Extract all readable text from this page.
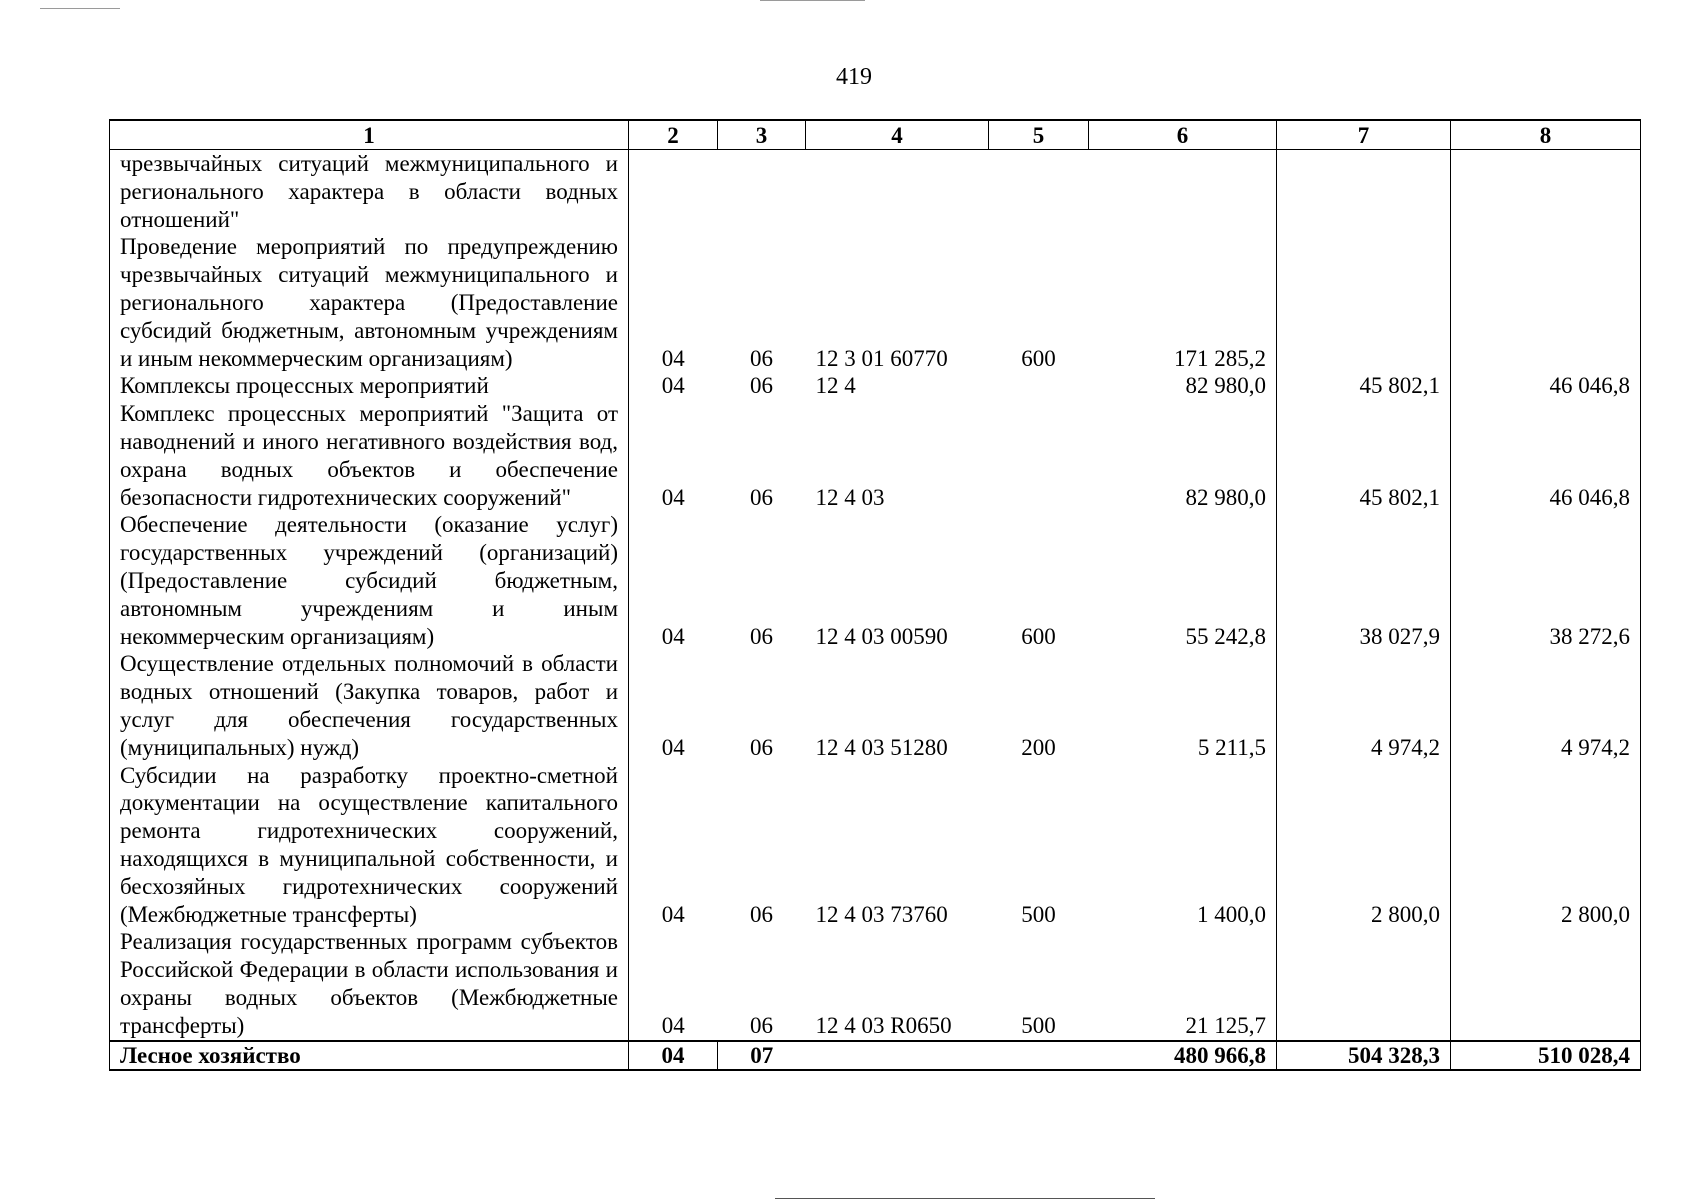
419
1	2	3	4	5	6	7	8
чрезвычайных ситуаций межмуниципального и регионального характера в области водных отношений"							
Проведение мероприятий по предупреждению чрезвычайных ситуаций межмуниципального и регионального характера (Предоставление субсидий бюджетным, автономным учреждениям и иным некоммерческим организациям)	04	06	12 3 01 60770	600	171 285,2		
Комплексы процессных мероприятий	04	06	12 4		82 980,0	45 802,1	46 046,8
Комплекс процессных мероприятий "Защита от наводнений и иного негативного воздействия вод, охрана водных объектов и обеспечение безопасности гидротехнических сооружений"	04	06	12 4 03		82 980,0	45 802,1	46 046,8
Обеспечение деятельности (оказание услуг) государственных учреждений (организаций) (Предоставление субсидий бюджетным, автономным учреждениям и иным некоммерческим организациям)	04	06	12 4 03 00590	600	55 242,8	38 027,9	38 272,6
Осуществление отдельных полномочий в области водных отношений (Закупка товаров, работ и услуг для обеспечения государственных (муниципальных) нужд)	04	06	12 4 03 51280	200	5 211,5	4 974,2	4 974,2
Субсидии на разработку проектно-сметной документации на осуществление капитального ремонта гидротехнических сооружений, находящихся в муниципальной собственности, и бесхозяйных гидротехнических сооружений (Межбюджетные трансферты)	04	06	12 4 03 73760	500	1 400,0	2 800,0	2 800,0
Реализация государственных программ субъектов Российской Федерации в области использования и охраны водных объектов (Межбюджетные трансферты)	04	06	12 4 03 R0650	500	21 125,7		
Лесное хозяйство	04	07			480 966,8	504 328,3	510 028,4
